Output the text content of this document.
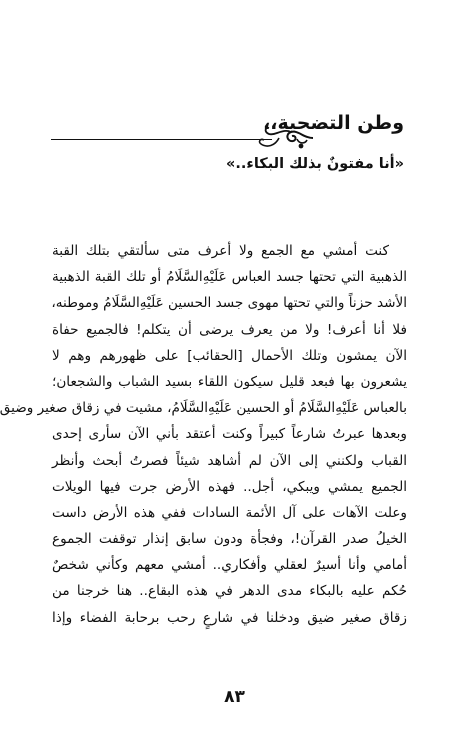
وطن التضحية،،
«أنا مفتونٌ بذلك البكاء..»
كنت أمشي مع الجمع ولا أعرف متى سألتقي بتلك القبة
الذهبية التي تحتها جسد العباس عَلَيْهِ‌السَّلَامُ أو تلك القبة الذهبية
الأشد حزناً والتي تحتها مهوى جسد الحسين عَلَيْهِ‌السَّلَامُ وموطنه،
فلا أنا أعرف! ولا من يعرف يرضى أن يتكلم! فالجميع حفاة
الآن يمشون وتلك الأحمال [الحقائب] على ظهورهم وهم لا
يشعرون بها فبعد قليل سيكون اللقاء بسيد الشباب والشجعان؛
بالعباس عَلَيْهِ‌السَّلَامُ أو الحسين عَلَيْهِ‌السَّلَامُ، مشيت في زقاق صغير وضيق
وبعدها عبرتُ شارعاً كبيراً وكنت أعتقد بأني الآن سأرى إحدى
القباب ولكنني إلى الآن لم أشاهد شيئاً فصرتُ أبحث وأنظر
الجميع يمشي ويبكي، أجل.. فهذه الأرض جرت فيها الويلات
وعلت الآهات على آل الأئمة السادات ففي هذه الأرض داست
الخيلُ صدر القرآن!، وفجأة ودون سابق إنذار توقفت الجموع
أمامي وأنا أسيرٌ لعقلي وأفكاري.. أمشي معهم وكأني شخصٌ
حُكم عليه بالبكاء مدى الدهر في هذه البقاع.. هنا خرجنا من
زقاق صغير ضيق ودخلنا في شارعٍ رحب برحابة الفضاء وإذا
٨٣
